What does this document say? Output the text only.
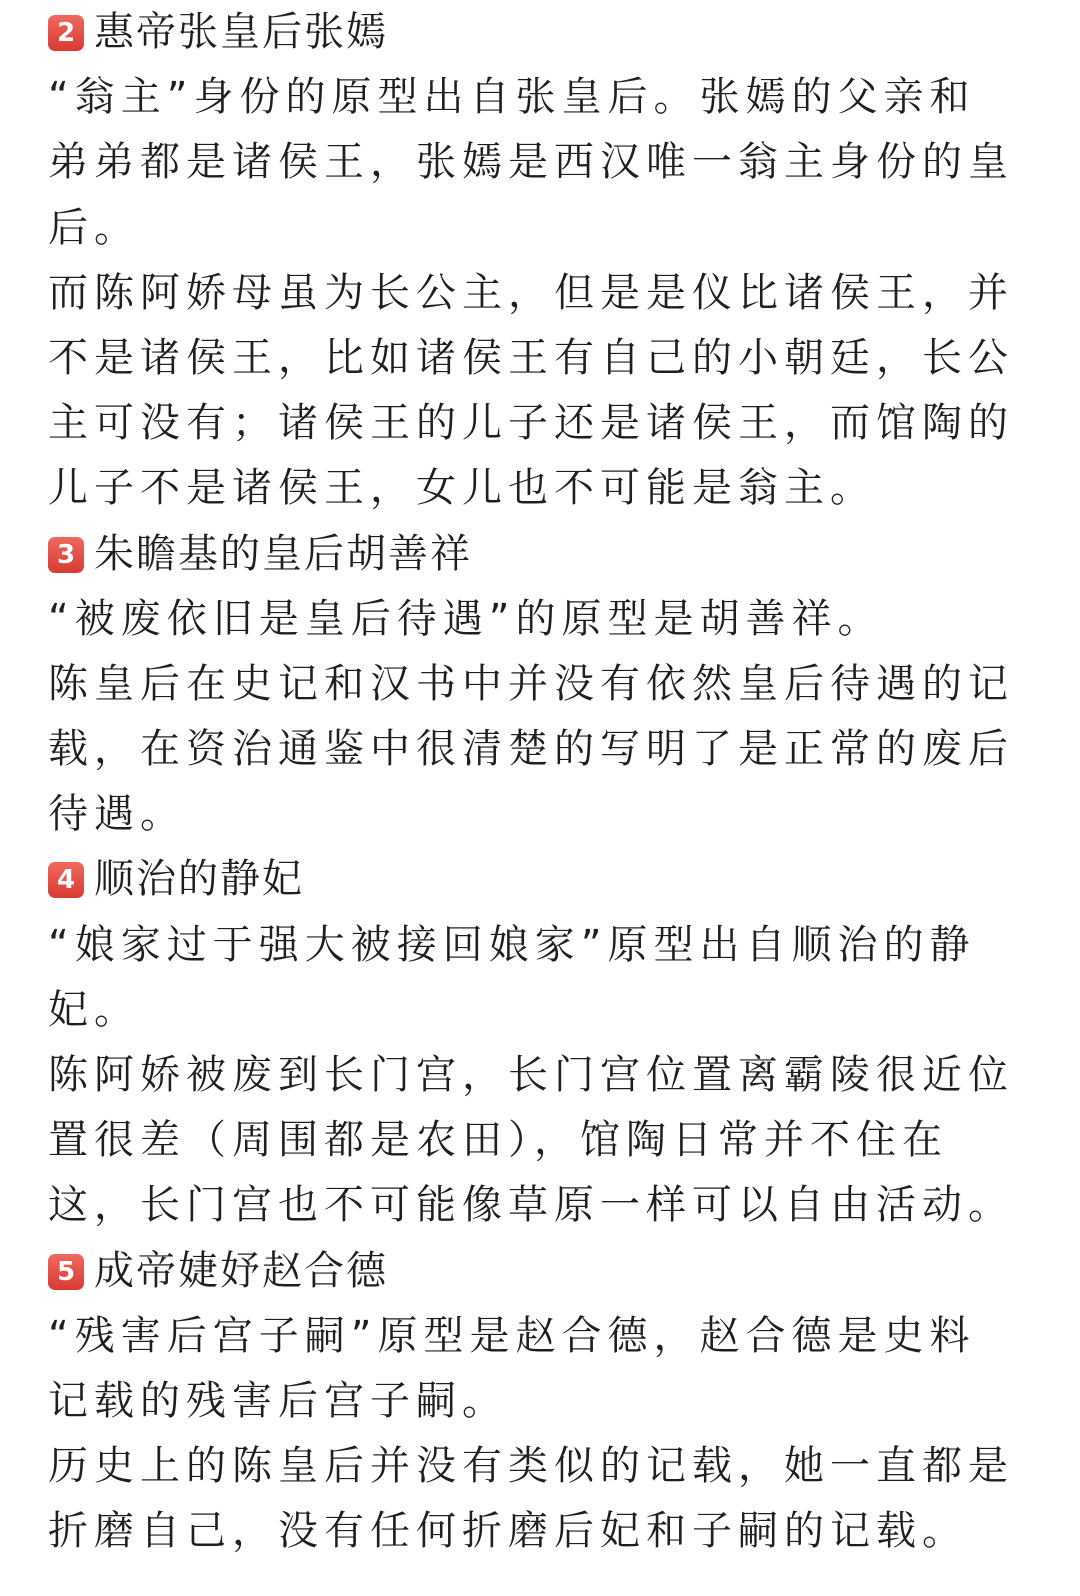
2 惠帝张皇后张嫣
“翁主”身份的原型出自张皇后。张嫣的父亲和
弟弟都是诸侯王，张嫣是西汉唯一翁主身份的皇
后。
而陈阿娇母虽为长公主，但是是仪比诸侯王，并
不是诸侯王，比如诸侯王有自己的小朝廷，长公
主可没有；诸侯王的儿子还是诸侯王，而馆陶的
儿子不是诸侯王，女儿也不可能是翁主。
3 朱瞻基的皇后胡善祥
“被废依旧是皇后待遇”的原型是胡善祥。
陈皇后在史记和汉书中并没有依然皇后待遇的记
载，在资治通鉴中很清楚的写明了是正常的废后
待遇。
4 顺治的静妃
“娘家过于强大被接回娘家”原型出自顺治的静
妃。
陈阿娇被废到长门宫，长门宫位置离霸陵很近位
置很差（周围都是农田），馆陶日常并不住在
这，长门宫也不可能像草原一样可以自由活动。
5 成帝婕妤赵合德
“残害后宫子嗣”原型是赵合德，赵合德是史料
记载的残害后宫子嗣。
历史上的陈皇后并没有类似的记载，她一直都是
折磨自己，没有任何折磨后妃和子嗣的记载。
